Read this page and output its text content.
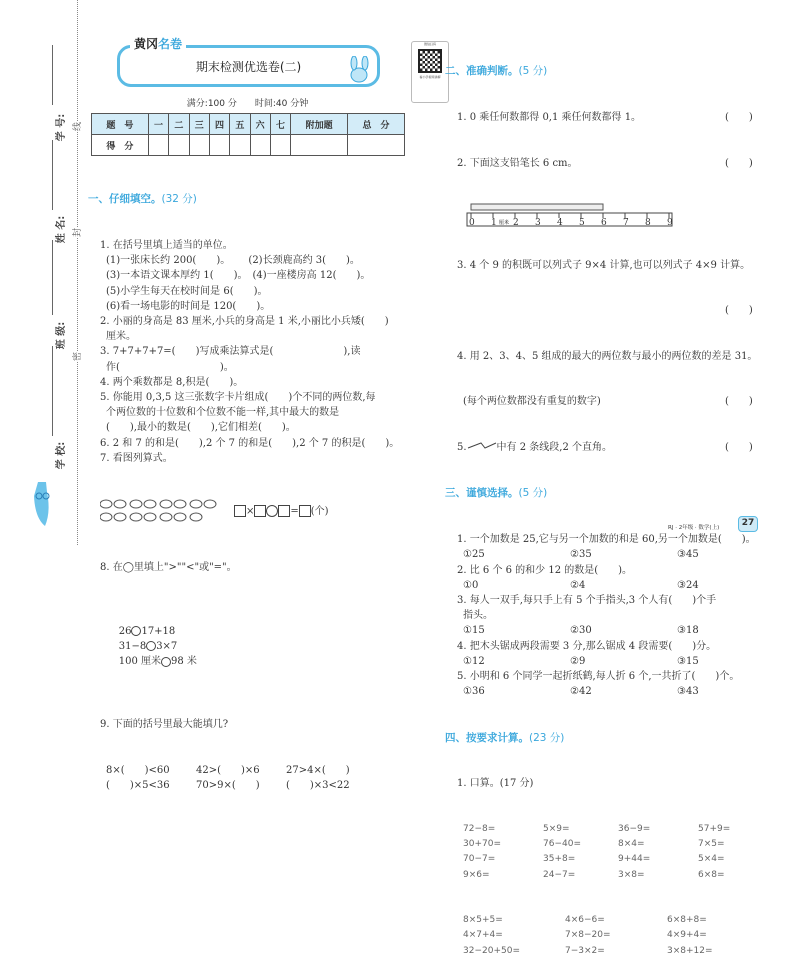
学 号:
姓 名:
班 级:
学 校:
线
封
密
黄冈名卷
期末检测优选卷(二)
满分:100 分　　时间:40 分钟
题　号	一	二	三	四	五	六	七	附加题	总　分
得　分									

一、仔细填空。(32 分)

1. 在括号里填上适当的单位。
(1)一张床长约 200(　　)。　　 (2)长颈鹿高约 3(　　)。
(3)一本语文课本厚约 1(　　)。　(4)一座楼房高 12(　　)。
(5)小学生每天在校时间是 6(　　)。
(6)看一场电影的时间是 120(　　)。
2. 小丽的身高是 83 厘米,小兵的身高是 1 米,小丽比小兵矮(　　)
厘米。
3. 7+7+7+7=(　　)写成乘法算式是(　　　　　　　),读
作(　　　　　　　　　　)。
4. 两个乘数都是 8,积是(　　)。
5. 你能用 0,3,5 这三张数字卡片组成(　　)个不同的两位数,每
个两位数的十位数和个位数不能一样,其中最大的数是
(　　),最小的数是(　　),它们相差(　　)。
6. 2 和 7 的和是(　　),2 个 7 的和是(　　),2 个 7 的积是(　　)。
7. 看图列算式。

×	= (个)

8. 在◯里填上">""<"或"="。

26 17+18　　
31−8 3×7　　
100 厘米 98 米

9. 下面的括号里最大能填几?

8×(　　)<60	42>(　　)×6	27>4×(　　)
(　　)×5<36	70>9×(　　)	(　　)×3<22

微信扫码
看小学视频讲解

二、准确判断。(5 分)

1. 0 乘任何数都得 0,1 乘任何数都得 1。	(　　)

2. 下面这支铅笔长 6 cm。	(　　)

0 1 2 3 4 5 6 7 8 9
厘米

3. 4 个 9 的积既可以列式子 9×4 计算,也可以列式子 4×9 计算。

(　　)

4. 用 2、3、4、5 组成的最大的两位数与最小的两位数的差是 31。

(每个两位数都没有重复的数字)	(　　)

5.	中有 2 条线段,2 个直角。	(　　)

三、谨慎选择。(5 分)

1. 一个加数是 25,它与另一个加数的和是 60,另一个加数是(　　)。
①25	②35	③45
2. 比 6 个 6 的和少 12 的数是(　　)。
①0	②4	③24
3. 每人一双手,每只手上有 5 个手指头,3 个人有(　　)个手
指头。
①15	②30	③18
4. 把木头锯成两段需要 3 分,那么锯成 4 段需要(　　)分。
①12	②9	③15
5. 小明和 6 个同学一起折纸鹤,每人折 6 个,一共折了(　　)个。
①36	②42	③43

四、按要求计算。(23 分)

1. 口算。(17 分)

72−8=	5×9=	36−9=	57+9=
30+70=	76−40=	8×4=	7×5=
70−7=	35+8=	9+44=	5×4=
9×6=	24−7=	3×8=	6×8=

8×5+5=	4×6−6=	6×8+8=
4×7+4=	7×8−20=	4×9+4=
32−20+50=	7−3×2=	3×8+12=

RJ · 2年级 · 数学(上)	27
